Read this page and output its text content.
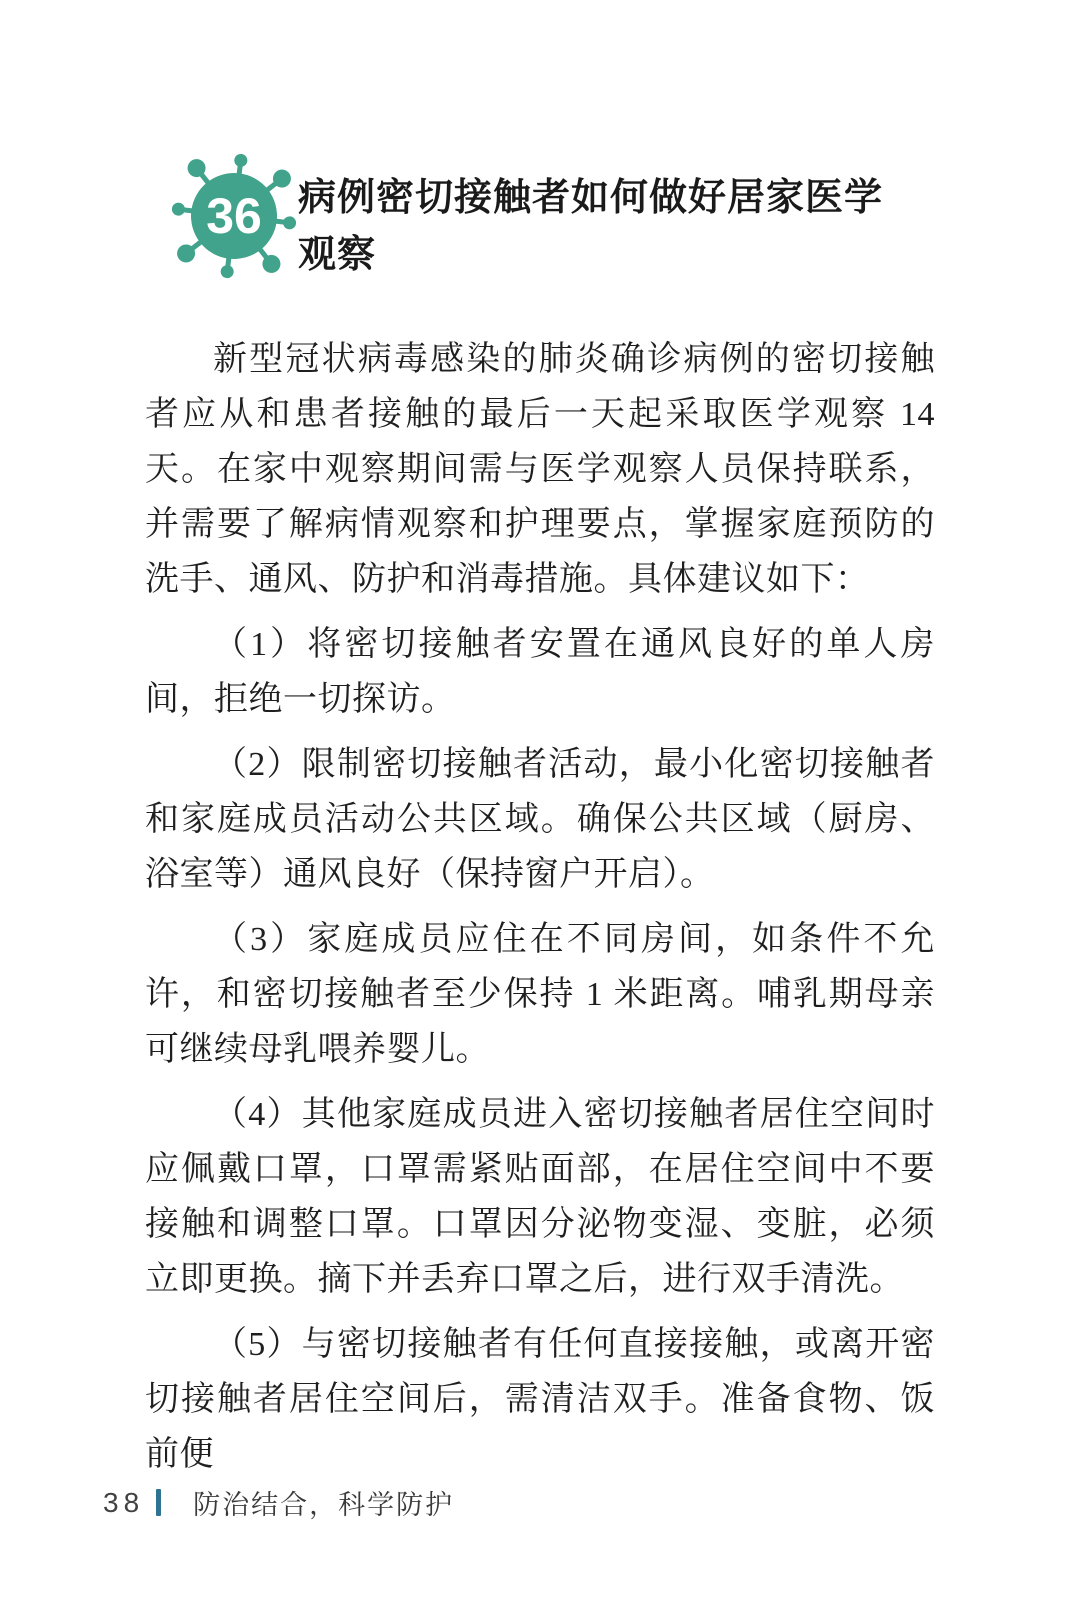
36 病例密切接触者如何做好居家医学观察

新型冠状病毒感染的肺炎确诊病例的密切接触者应从和患者接触的最后一天起采取医学观察 14 天。在家中观察期间需与医学观察人员保持联系，并需要了解病情观察和护理要点，掌握家庭预防的洗手、通风、防护和消毒措施。具体建议如下：

（1）将密切接触者安置在通风良好的单人房间，拒绝一切探访。

（2）限制密切接触者活动，最小化密切接触者和家庭成员活动公共区域。确保公共区域（厨房、浴室等）通风良好（保持窗户开启）。

（3）家庭成员应住在不同房间，如条件不允许，和密切接触者至少保持 1 米距离。哺乳期母亲可继续母乳喂养婴儿。

（4）其他家庭成员进入密切接触者居住空间时应佩戴口罩，口罩需紧贴面部，在居住空间中不要接触和调整口罩。口罩因分泌物变湿、变脏，必须立即更换。摘下并丢弃口罩之后，进行双手清洗。

（5）与密切接触者有任何直接接触，或离开密切接触者居住空间后，需清洁双手。准备食物、饭前便

38 防治结合，科学防护
